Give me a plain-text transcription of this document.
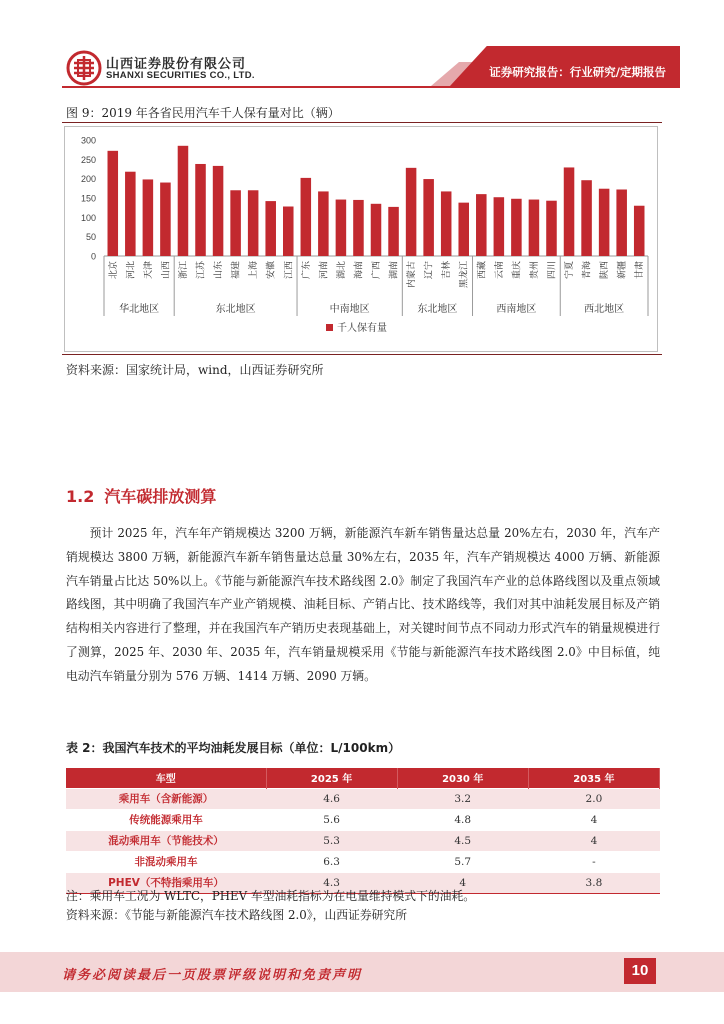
山西证券股份有限公司
SHANXI SECURITIES CO., LTD.	证券研究报告：行业研究/定期报告
图 9：2019 年各省民用汽车千人保有量对比（辆）
0
50
100
150
200
250
300
北京 河北 天津 山西 浙江 江苏 山东 福建 上海 安徽 江西 广东 河南 湖北 海南 广西 湖南 内蒙古 辽宁 吉林 黑龙江 西藏 云南 重庆 贵州 四川 宁夏 青海 陕西 新疆 甘肃
华北地区	东北地区	中南地区	东北地区	西南地区	西北地区
千人保有量
资料来源：国家统计局，wind，山西证券研究所
1.2 汽车碳排放测算

预计 2025 年，汽车年产销规模达 3200 万辆，新能源汽车新车销售量达总量 20%左右，2030 年，汽车产销规模达 3800 万辆，新能源汽车新车销售量达总量 30%左右，2035 年，汽车产销规模达 4000 万辆、新能源汽车销量占比达 50%以上。《节能与新能源汽车技术路线图 2.0》制定了我国汽车产业的总体路线图以及重点领域路线图，其中明确了我国汽车产业产销规模、油耗目标、产销占比、技术路线等，我们对其中油耗发展目标及产销结构相关内容进行了整理，并在我国汽车产销历史表现基础上，对关键时间节点不同动力形式汽车的销量规模进行了测算，2025 年、2030 年、2035 年，汽车销量规模采用《节能与新能源汽车技术路线图 2.0》中目标值，纯电动汽车销量分别为 576 万辆、1414 万辆、2090 万辆。

表 2：我国汽车技术的平均油耗发展目标（单位：L/100km）
车型	2025 年	2030 年	2035 年
乘用车（含新能源）	4.6	3.2	2.0
传统能源乘用车	5.6	4.8	4
混动乘用车（节能技术）	5.3	4.5	4
非混动乘用车	6.3	5.7	-
PHEV（不特指乘用车）	4.3	4	3.8
注：乘用车工况为 WLTC，PHEV 车型油耗指标为在电量维持模式下的油耗。
资料来源：《节能与新能源汽车技术路线图 2.0》，山西证券研究所
请务必阅读最后一页股票评级说明和免责声明	10
